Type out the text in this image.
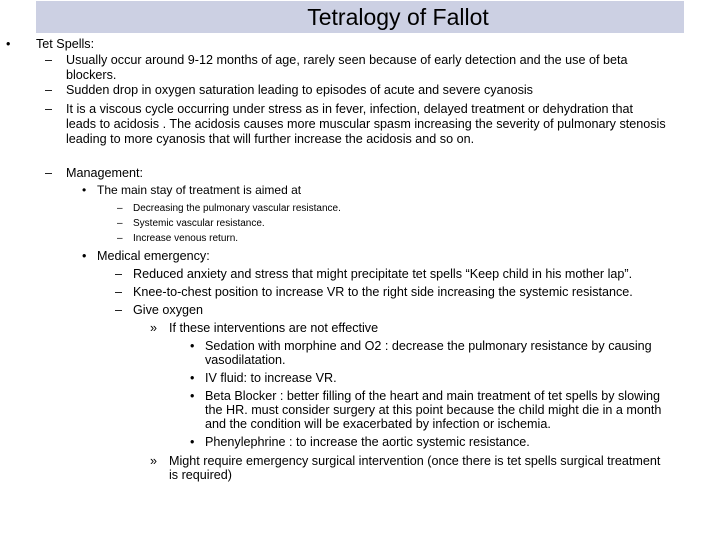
Tetralogy of Fallot
• Tet Spells:
– Usually occur around 9-12 months of age, rarely seen because of early detection and the use of beta
blockers.
– Sudden drop in oxygen saturation leading to episodes of acute and severe cyanosis
– It is a viscous cycle occurring under stress as in fever, infection, delayed treatment or dehydration that
leads to acidosis . The acidosis causes more muscular spasm increasing the severity of pulmonary stenosis
leading to more cyanosis that will further increase the acidosis and so on.
– Management:
• The main stay of treatment is aimed at
– Decreasing the pulmonary vascular resistance.
– Systemic vascular resistance.
– Increase venous return.
• Medical emergency:
– Reduced anxiety and stress that might precipitate tet spells “Keep child in his mother lap”.
– Knee-to-chest position to increase VR to the right side increasing the systemic resistance.
– Give oxygen
» If these interventions are not effective
• Sedation with morphine and O2 : decrease the pulmonary resistance by causing
vasodilatation.
• IV fluid: to increase VR.
• Beta Blocker : better filling of the heart and main treatment of tet spells by slowing
the HR. must consider surgery at this point because the child might die in a month
and the condition will be exacerbated by infection or ischemia.
• Phenylephrine : to increase the aortic systemic resistance.
» Might require emergency surgical intervention (once there is tet spells surgical treatment
is required)
